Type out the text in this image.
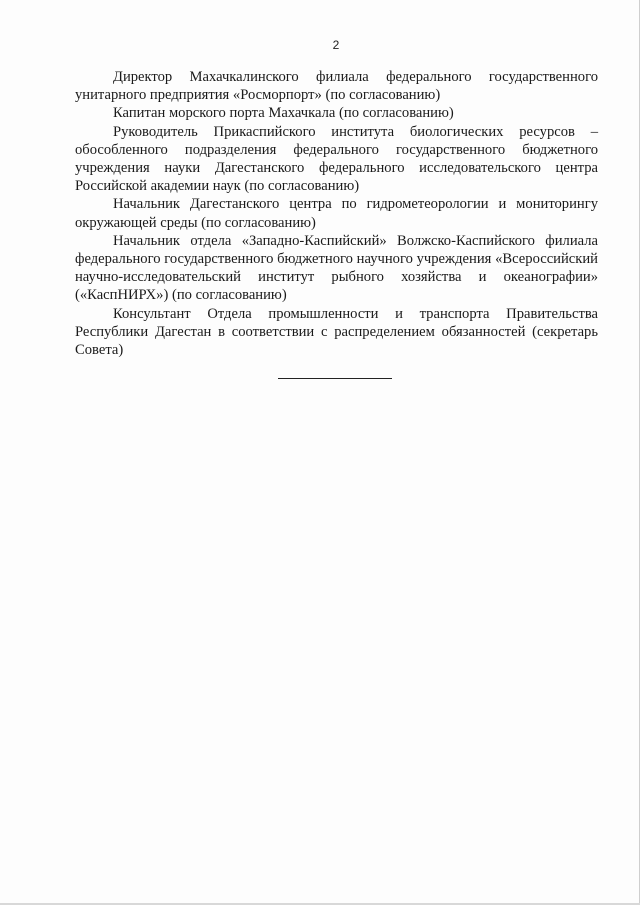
2

Директор Махачкалинского филиала федерального государственного унитарного предприятия «Росморпорт» (по согласованию)

Капитан морского порта Махачкала (по согласованию)

Руководитель Прикаспийского института биологических ресурсов – обособленного подразделения федерального государственного бюджетного учреждения науки Дагестанского федерального исследовательского центра Российской академии наук (по согласованию)

Начальник Дагестанского центра по гидрометеорологии и мониторингу окружающей среды (по согласованию)

Начальник отдела «Западно-Каспийский» Волжско-Каспийского филиала федерального государственного бюджетного научного учреждения «Всероссийский научно-исследовательский институт рыбного хозяйства и океанографии» («КаспНИРХ») (по согласованию)

Консультант Отдела промышленности и транспорта Правительства Республики Дагестан в соответствии с распределением обязанностей (секретарь Совета)
